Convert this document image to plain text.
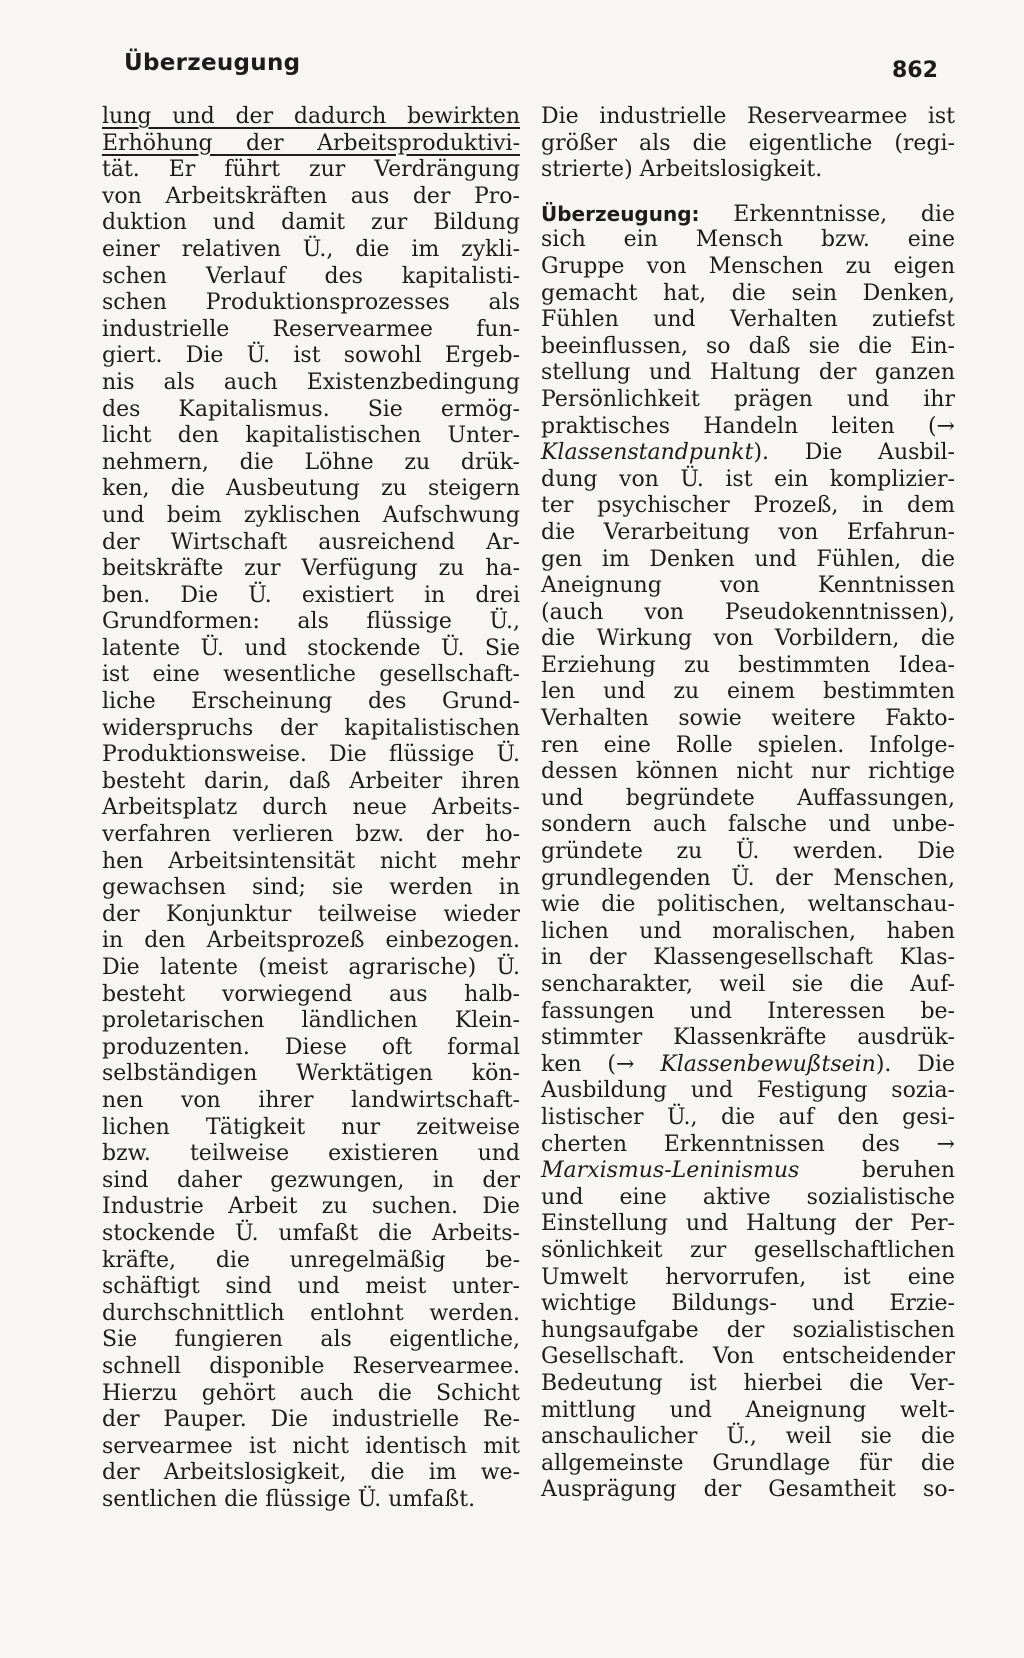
Überzeugung	862
lung und der dadurch bewirkten
Erhöhung der Arbeitsproduktivi-
tät. Er führt zur Verdrängung
von Arbeitskräften aus der Pro-
duktion und damit zur Bildung
einer relativen Ü., die im zykli-
schen Verlauf des kapitalisti-
schen Produktionsprozesses als
industrielle Reservearmee fun-
giert. Die Ü. ist sowohl Ergeb-
nis als auch Existenzbedingung
des Kapitalismus. Sie ermög-
licht den kapitalistischen Unter-
nehmern, die Löhne zu drük-
ken, die Ausbeutung zu steigern
und beim zyklischen Aufschwung
der Wirtschaft ausreichend Ar-
beitskräfte zur Verfügung zu ha-
ben. Die Ü. existiert in drei
Grundformen: als flüssige Ü.,
latente Ü. und stockende Ü. Sie
ist eine wesentliche gesellschaft-
liche Erscheinung des Grund-
widerspruchs der kapitalistischen
Produktionsweise. Die flüssige Ü.
besteht darin, daß Arbeiter ihren
Arbeitsplatz durch neue Arbeits-
verfahren verlieren bzw. der ho-
hen Arbeitsintensität nicht mehr
gewachsen sind; sie werden in
der Konjunktur teilweise wieder
in den Arbeitsprozeß einbezogen.
Die latente (meist agrarische) Ü.
besteht vorwiegend aus halb-
proletarischen ländlichen Klein-
produzenten. Diese oft formal
selbständigen Werktätigen kön-
nen von ihrer landwirtschaft-
lichen Tätigkeit nur zeitweise
bzw. teilweise existieren und
sind daher gezwungen, in der
Industrie Arbeit zu suchen. Die
stockende Ü. umfaßt die Arbeits-
kräfte, die unregelmäßig be-
schäftigt sind und meist unter-
durchschnittlich entlohnt werden.
Sie fungieren als eigentliche,
schnell disponible Reservearmee.
Hierzu gehört auch die Schicht
der Pauper. Die industrielle Re-
servearmee ist nicht identisch mit
der Arbeitslosigkeit, die im we-
sentlichen die flüssige Ü. umfaßt.
Die industrielle Reservearmee ist
größer als die eigentliche (regi-
strierte) Arbeitslosigkeit.
Überzeugung: Erkenntnisse, die
sich ein Mensch bzw. eine
Gruppe von Menschen zu eigen
gemacht hat, die sein Denken,
Fühlen und Verhalten zutiefst
beeinflussen, so daß sie die Ein-
stellung und Haltung der ganzen
Persönlichkeit prägen und ihr
praktisches Handeln leiten (→
Klassenstandpunkt). Die Ausbil-
dung von Ü. ist ein komplizier-
ter psychischer Prozeß, in dem
die Verarbeitung von Erfahrun-
gen im Denken und Fühlen, die
Aneignung von Kenntnissen
(auch von Pseudokenntnissen),
die Wirkung von Vorbildern, die
Erziehung zu bestimmten Idea-
len und zu einem bestimmten
Verhalten sowie weitere Fakto-
ren eine Rolle spielen. Infolge-
dessen können nicht nur richtige
und begründete Auffassungen,
sondern auch falsche und unbe-
gründete zu Ü. werden. Die
grundlegenden Ü. der Menschen,
wie die politischen, weltanschau-
lichen und moralischen, haben
in der Klassengesellschaft Klas-
sencharakter, weil sie die Auf-
fassungen und Interessen be-
stimmter Klassenkräfte ausdrük-
ken (→ Klassenbewußtsein). Die
Ausbildung und Festigung sozia-
listischer Ü., die auf den gesi-
cherten Erkenntnissen des →
Marxismus-Leninismus	beruhen
und eine aktive sozialistische
Einstellung und Haltung der Per-
sönlichkeit zur gesellschaftlichen
Umwelt hervorrufen, ist eine
wichtige Bildungs- und Erzie-
hungsaufgabe der sozialistischen
Gesellschaft. Von entscheidender
Bedeutung ist hierbei die Ver-
mittlung und Aneignung welt-
anschaulicher Ü., weil sie die
allgemeinste Grundlage für die
Ausprägung der Gesamtheit so-
